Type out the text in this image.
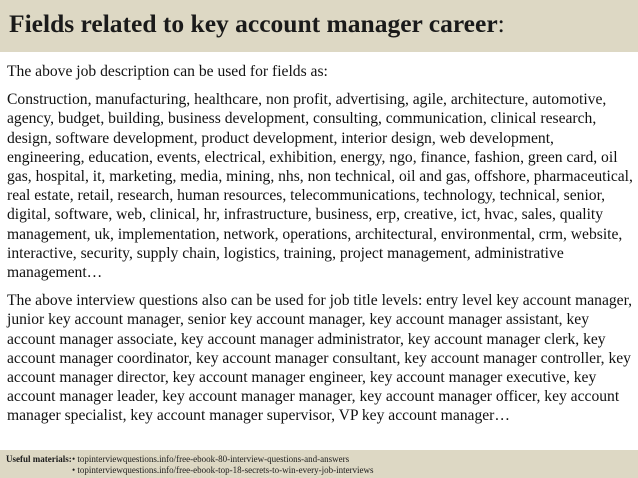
Fields related to key account manager career:

The above job description can be used for fields as:

Construction, manufacturing, healthcare, non profit, advertising, agile, architecture, automotive, agency, budget, building, business development, consulting, communication, clinical research, design, software development, product development, interior design, web development, engineering, education, events, electrical, exhibition, energy, ngo, finance, fashion, green card, oil gas, hospital, it, marketing, media, mining, nhs, non technical, oil and gas, offshore, pharmaceutical, real estate, retail, research, human resources, telecommunications, technology, technical, senior, digital, software, web, clinical, hr, infrastructure, business, erp, creative, ict, hvac, sales, quality management, uk, implementation, network, operations, architectural, environmental, crm, website, interactive, security, supply chain, logistics, training, project management, administrative management…

The above interview questions also can be used for job title levels: entry level key account manager, junior key account manager, senior key account manager, key account manager assistant, key account manager associate, key account manager administrator, key account manager clerk, key account manager coordinator, key account manager consultant, key account manager controller, key account manager director, key account manager engineer, key account manager executive, key account manager leader, key account manager manager, key account manager officer, key account manager specialist, key account manager supervisor, VP key account manager…

Useful materials: • topinterviewquestions.info/free-ebook-80-interview-questions-and-answers
• topinterviewquestions.info/free-ebook-top-18-secrets-to-win-every-job-interviews
